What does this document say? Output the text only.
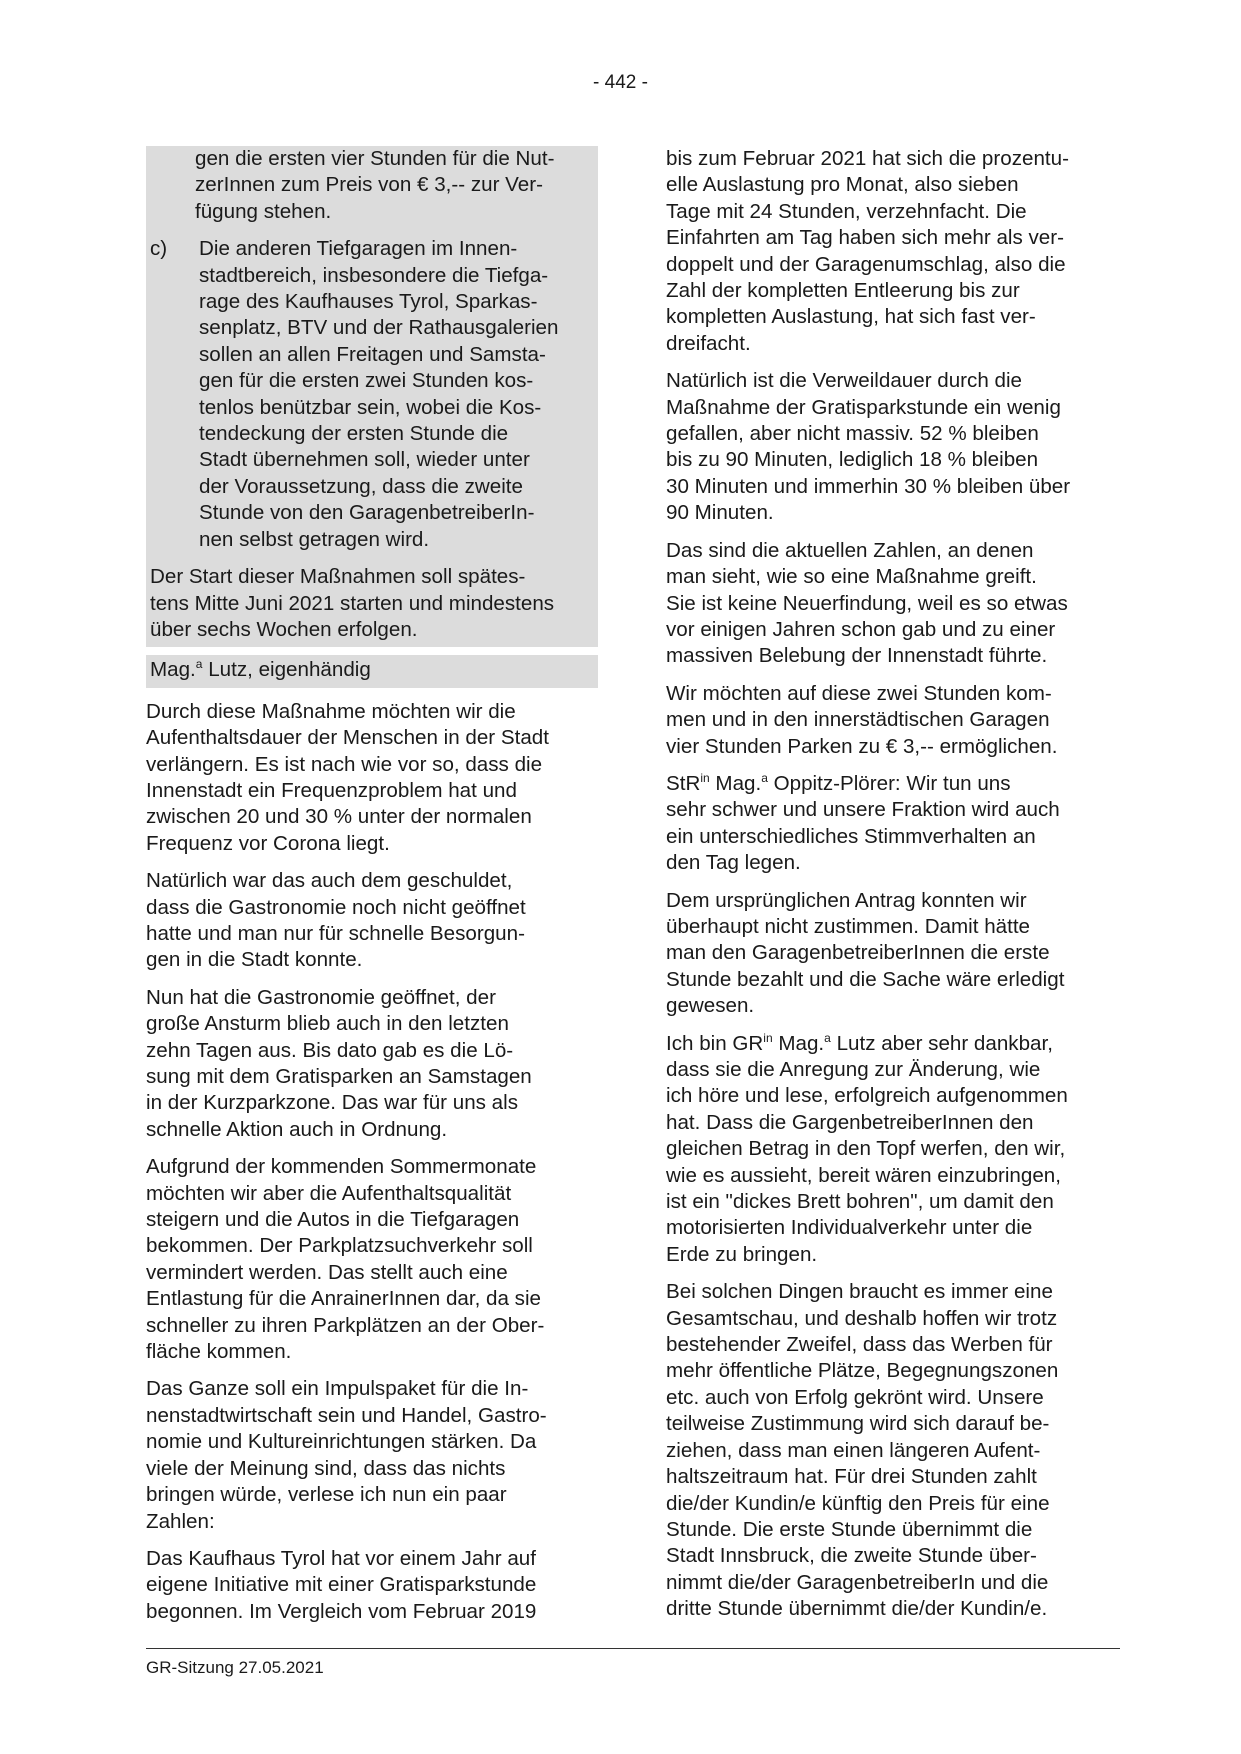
- 442 -

gen die ersten vier Stunden für die Nut-
zerInnen zum Preis von € 3,-- zur Ver-
fügung stehen.

c)	Die anderen Tiefgaragen im Innen-
stadtbereich, insbesondere die Tiefga-
rage des Kaufhauses Tyrol, Sparkas-
senplatz, BTV und der Rathausgalerien
sollen an allen Freitagen und Samsta-
gen für die ersten zwei Stunden kos-
tenlos benützbar sein, wobei die Kos-
tendeckung der ersten Stunde die
Stadt übernehmen soll, wieder unter
der Voraussetzung, dass die zweite
Stunde von den GaragenbetreiberIn-
nen selbst getragen wird.

Der Start dieser Maßnahmen soll spätes-
tens Mitte Juni 2021 starten und mindestens
über sechs Wochen erfolgen.

Mag.$^a$ Lutz, eigenhändig

Durch diese Maßnahme möchten wir die
Aufenthaltsdauer der Menschen in der Stadt
verlängern. Es ist nach wie vor so, dass die
Innenstadt ein Frequenzproblem hat und
zwischen 20 und 30 % unter der normalen
Frequenz vor Corona liegt.

Natürlich war das auch dem geschuldet,
dass die Gastronomie noch nicht geöffnet
hatte und man nur für schnelle Besorgun-
gen in die Stadt konnte.

Nun hat die Gastronomie geöffnet, der
große Ansturm blieb auch in den letzten
zehn Tagen aus. Bis dato gab es die Lö-
sung mit dem Gratisparken an Samstagen
in der Kurzparkzone. Das war für uns als
schnelle Aktion auch in Ordnung.

Aufgrund der kommenden Sommermonate
möchten wir aber die Aufenthaltsqualität
steigern und die Autos in die Tiefgaragen
bekommen. Der Parkplatzsuchverkehr soll
vermindert werden. Das stellt auch eine
Entlastung für die AnrainerInnen dar, da sie
schneller zu ihren Parkplätzen an der Ober-
fläche kommen.

Das Ganze soll ein Impulspaket für die In-
nenstadtwirtschaft sein und Handel, Gastro-
nomie und Kultureinrichtungen stärken. Da
viele der Meinung sind, dass das nichts
bringen würde, verlese ich nun ein paar
Zahlen:

Das Kaufhaus Tyrol hat vor einem Jahr auf
eigene Initiative mit einer Gratisparkstunde
begonnen. Im Vergleich vom Februar 2019

bis zum Februar 2021 hat sich die prozentu-
elle Auslastung pro Monat, also sieben
Tage mit 24 Stunden, verzehnfacht. Die
Einfahrten am Tag haben sich mehr als ver-
doppelt und der Garagenumschlag, also die
Zahl der kompletten Entleerung bis zur
kompletten Auslastung, hat sich fast ver-
dreifacht.

Natürlich ist die Verweildauer durch die
Maßnahme der Gratisparkstunde ein wenig
gefallen, aber nicht massiv. 52 % bleiben
bis zu 90 Minuten, lediglich 18 % bleiben
30 Minuten und immerhin 30 % bleiben über
90 Minuten.

Das sind die aktuellen Zahlen, an denen
man sieht, wie so eine Maßnahme greift.
Sie ist keine Neuerfindung, weil es so etwas
vor einigen Jahren schon gab und zu einer
massiven Belebung der Innenstadt führte.

Wir möchten auf diese zwei Stunden kom-
men und in den innerstädtischen Garagen
vier Stunden Parken zu € 3,-- ermöglichen.

StR$^{in}$ Mag.$^a$ Oppitz-Plörer: Wir tun uns
sehr schwer und unsere Fraktion wird auch
ein unterschiedliches Stimmverhalten an
den Tag legen.

Dem ursprünglichen Antrag konnten wir
überhaupt nicht zustimmen. Damit hätte
man den GaragenbetreiberInnen die erste
Stunde bezahlt und die Sache wäre erledigt
gewesen.

Ich bin $GR^{in}$ Mag.$^a$ Lutz aber sehr dankbar,
dass sie die Anregung zur Änderung, wie
ich höre und lese, erfolgreich aufgenommen
hat. Dass die GargenbetreiberInnen den
gleichen Betrag in den Topf werfen, den wir,
wie es aussieht, bereit wären einzubringen,
ist ein "dickes Brett bohren", um damit den
motorisierten Individualverkehr unter die
Erde zu bringen.

Bei solchen Dingen braucht es immer eine
Gesamtschau, und deshalb hoffen wir trotz
bestehender Zweifel, dass das Werben für
mehr öffentliche Plätze, Begegnungszonen
etc. auch von Erfolg gekrönt wird. Unsere
teilweise Zustimmung wird sich darauf be-
ziehen, dass man einen längeren Aufent-
haltszeitraum hat. Für drei Stunden zahlt
die/der Kundin/e künftig den Preis für eine
Stunde. Die erste Stunde übernimmt die
Stadt Innsbruck, die zweite Stunde über-
nimmt die/der GaragenbetreiberIn und die
dritte Stunde übernimmt die/der Kundin/e.

GR-Sitzung 27.05.2021
